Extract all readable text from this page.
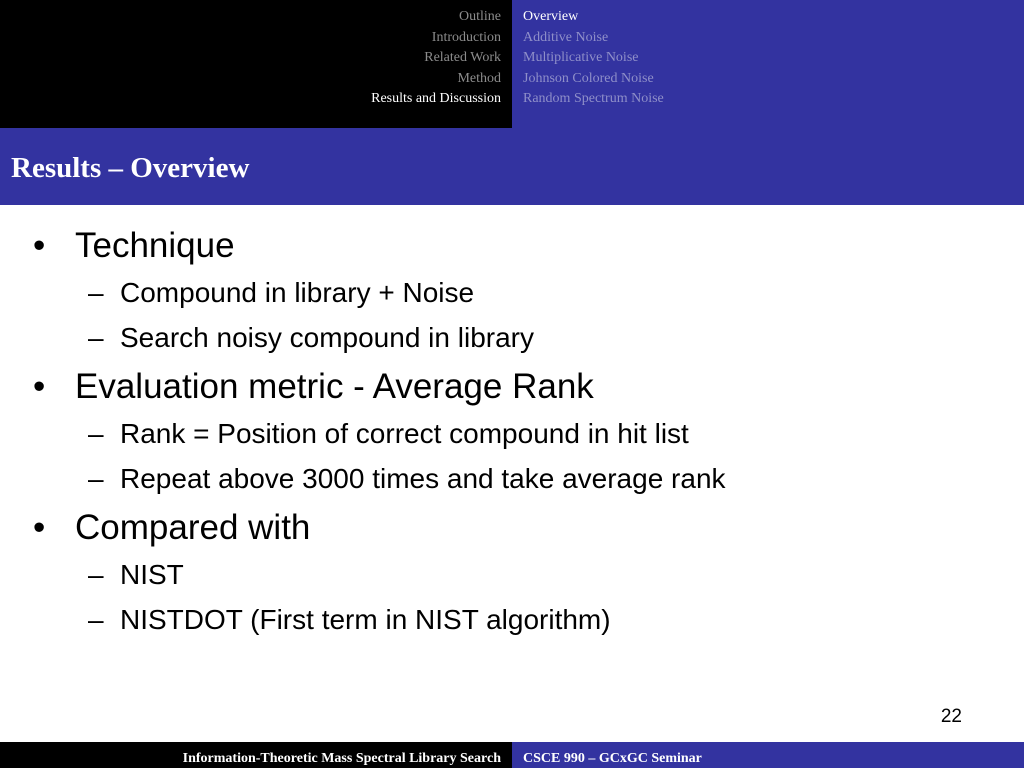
Outline
Introduction
Related Work
Method
Results and Discussion
Overview
Additive Noise
Multiplicative Noise
Johnson Colored Noise
Random Spectrum Noise
Results – Overview
• Technique
– Compound in library + Noise
– Search noisy compound in library
• Evaluation metric - Average Rank
– Rank = Position of correct compound in hit list
– Repeat above 3000 times and take average rank
• Compared with
– NIST
– NISTDOT (First term in NIST algorithm)
22
Information-Theoretic Mass Spectral Library Search CSCE 990 – GCxGC Seminar
